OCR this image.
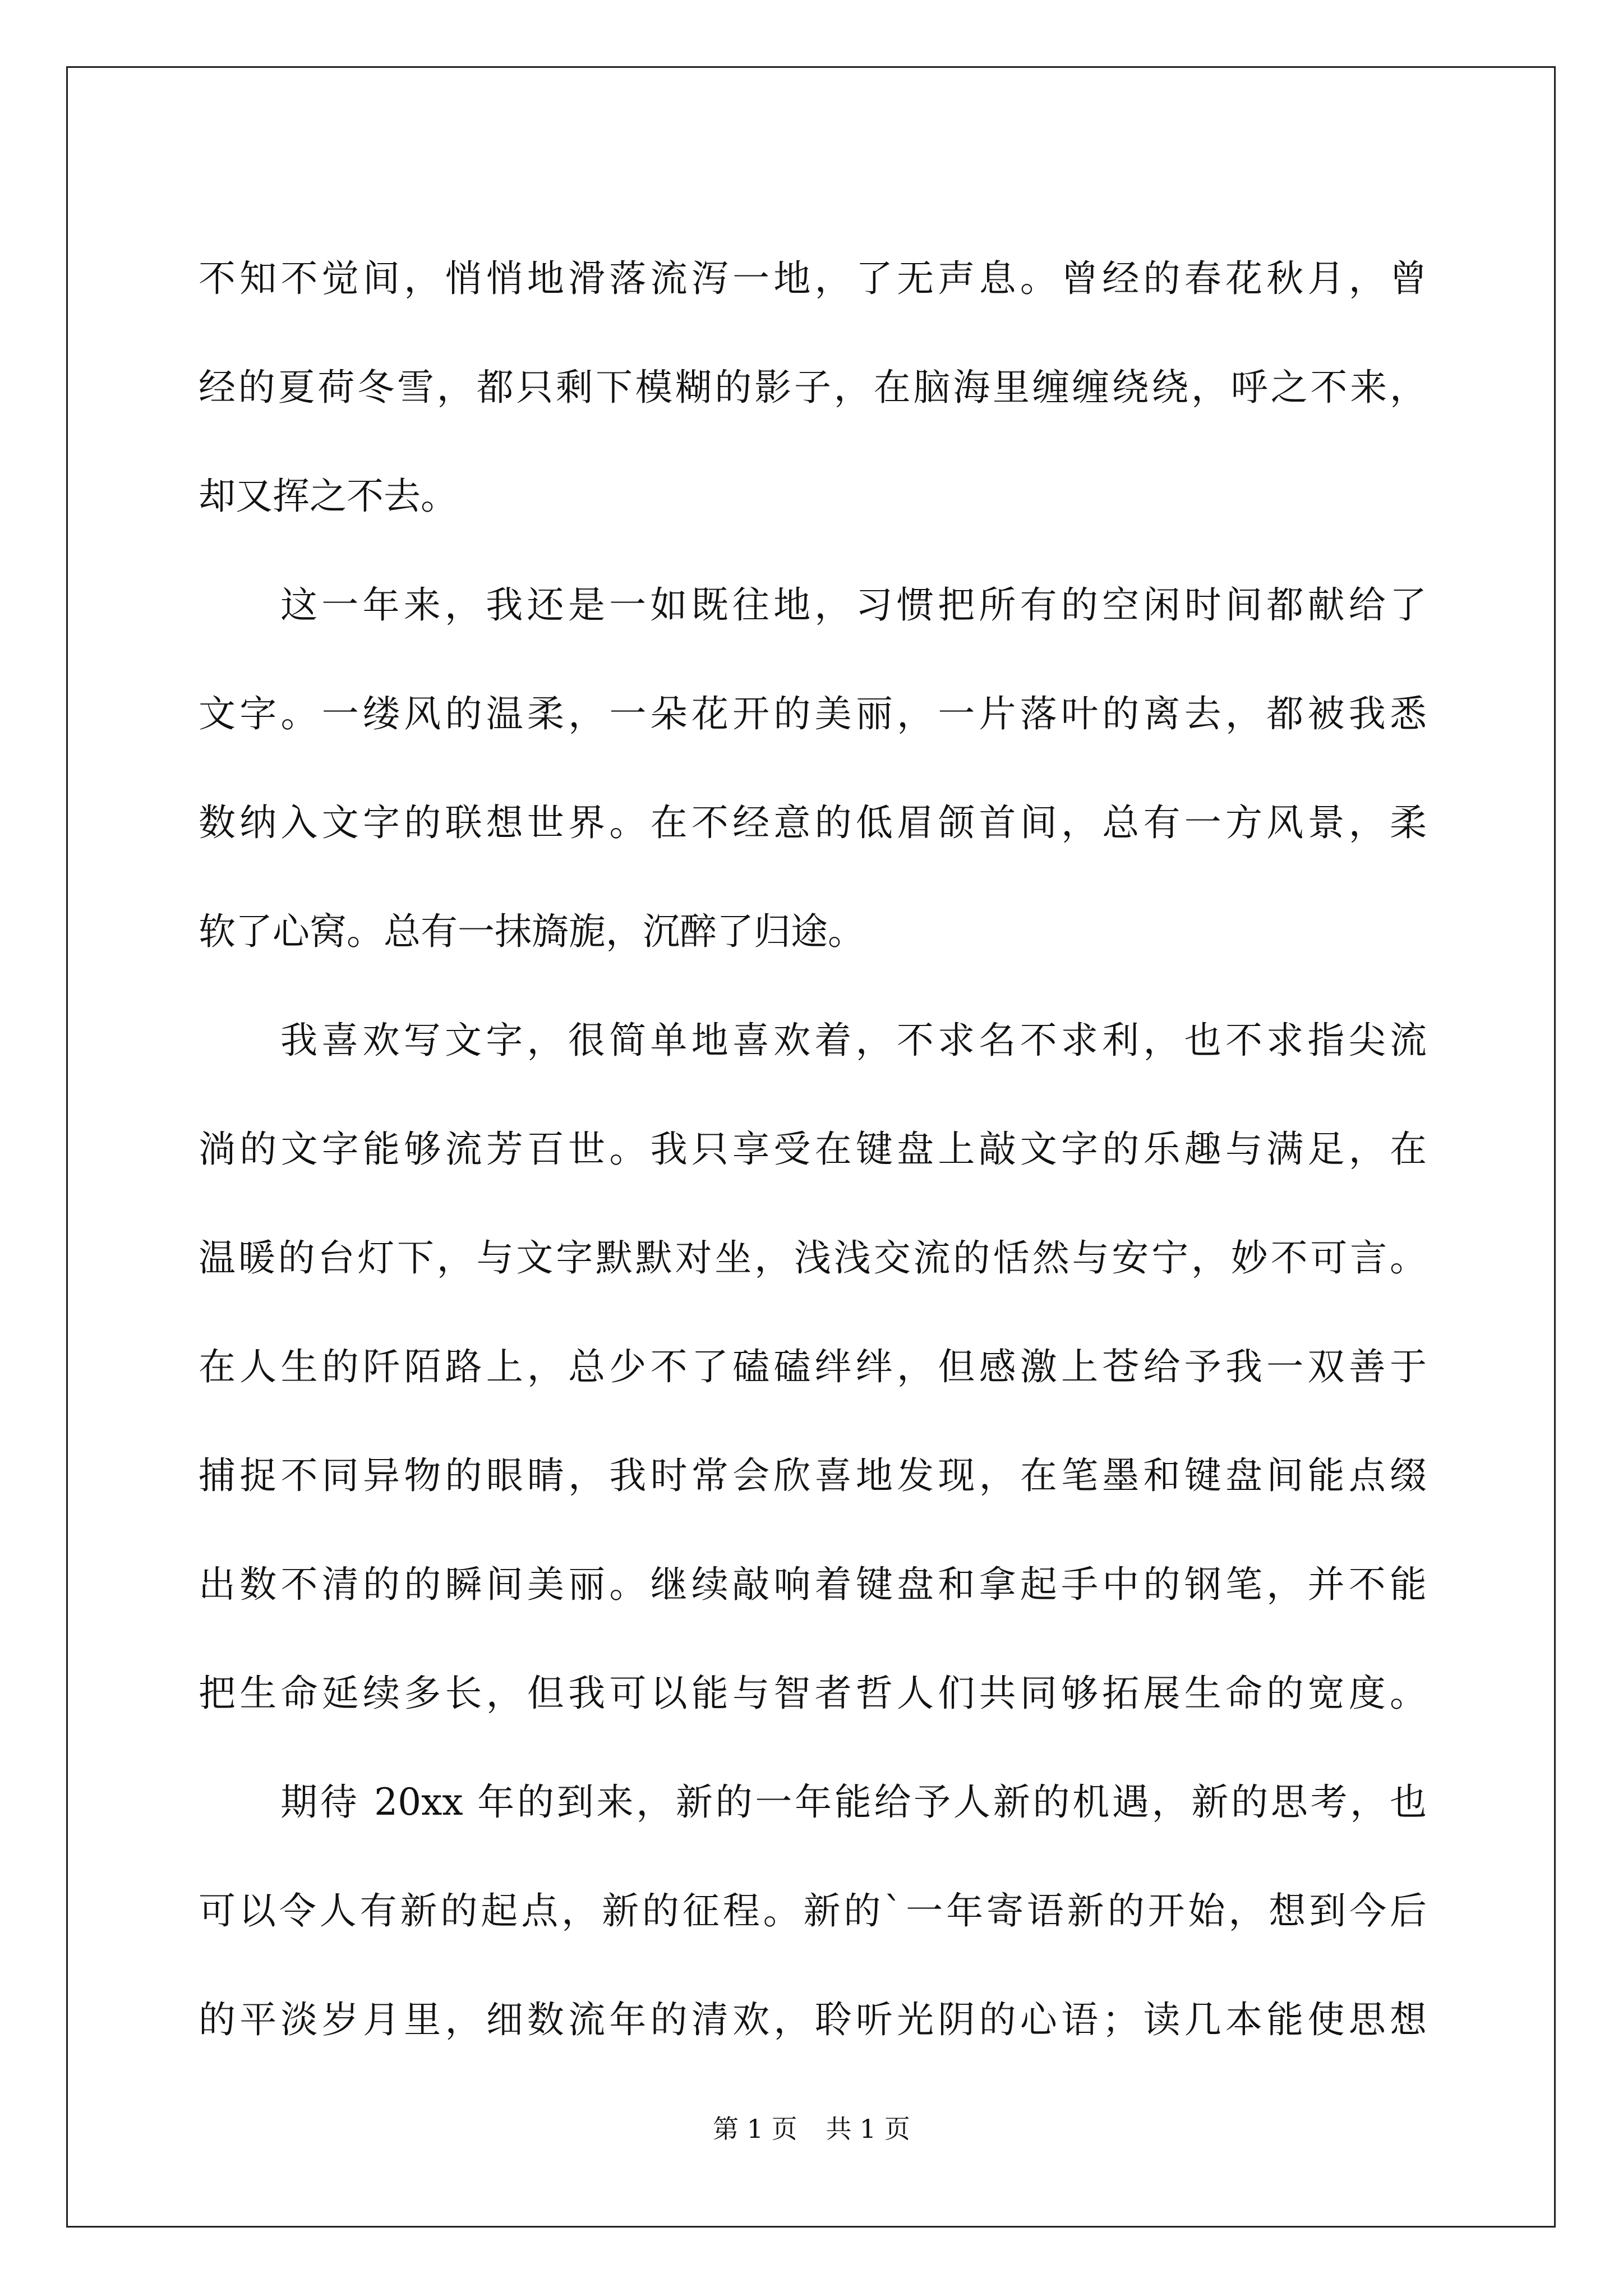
不知不觉间，悄悄地滑落流泻一地，了无声息。曾经的春花秋月，曾
经的夏荷冬雪，都只剩下模糊的影子，在脑海里缠缠绕绕，呼之不来，
却又挥之不去。
这一年来，我还是一如既往地，习惯把所有的空闲时间都献给了
文字。一缕风的温柔，一朵花开的美丽，一片落叶的离去，都被我悉
数纳入文字的联想世界。在不经意的低眉颌首间，总有一方风景，柔
软了心窝。总有一抹旖旎，沉醉了归途。
我喜欢写文字，很简单地喜欢着，不求名不求利，也不求指尖流
淌的文字能够流芳百世。我只享受在键盘上敲文字的乐趣与满足，在
温暖的台灯下，与文字默默对坐，浅浅交流的恬然与安宁，妙不可言。
在人生的阡陌路上，总少不了磕磕绊绊，但感激上苍给予我一双善于
捕捉不同异物的眼睛，我时常会欣喜地发现，在笔墨和键盘间能点缀
出数不清的的瞬间美丽。继续敲响着键盘和拿起手中的钢笔，并不能
把生命延续多长，但我可以能与智者哲人们共同够拓展生命的宽度。
期待 20xx 年的到来，新的一年能给予人新的机遇，新的思考，也
可以令人有新的起点，新的征程。新的`一年寄语新的开始，想到今后
的平淡岁月里，细数流年的清欢，聆听光阴的心语；读几本能使思想
第 1 页 共 1 页
